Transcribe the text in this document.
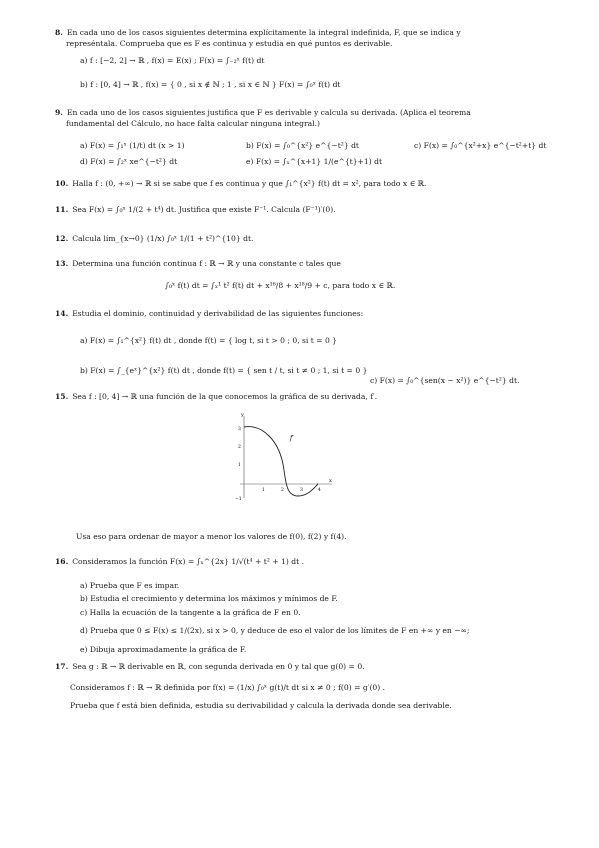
8. En cada uno de los casos siguientes determina explícitamente la integral indefinida, F, que se indica y
represéntala. Comprueba que es F es continua y estudia en qué puntos es derivable.
a) f : [−2, 2] → ℝ , f(x) = E(x) ; F(x) = ∫₋₂ˣ f(t) dt
b) f : [0, 4] → ℝ , f(x) = { 0 , si x ∉ ℕ ; 1 , si x ∈ ℕ } F(x) = ∫₀ˣ f(t) dt
9. En cada uno de los casos siguientes justifica que F es derivable y calcula su derivada. (Aplica el teorema
fundamental del Cálculo, no hace falta calcular ninguna integral.)
a) F(x) = ∫₁ˣ (1/t) dt (x > 1)	b) F(x) = ∫₀^{x²} e^{−t²} dt	c) F(x) = ∫₀^{x²+x} e^{−t²+t} dt
d) F(x) = ∫₂ˣ xe^{−t²} dt	e) F(x) = ∫ₓ^{x+1} 1/(e^{t}+1) dt
10. Halla f : (0, +∞) → ℝ si se sabe que f es continua y que ∫₁^{x²} f(t) dt = x², para todo x ∈ ℝ.
11. Sea F(x) = ∫₀ˣ 1/(2 + t⁴) dt. Justifica que existe F⁻¹. Calcula (F⁻¹)′(0).
12. Calcula lím_{x→0} (1/x) ∫₀ˣ 1/(1 + t²)^{10} dt.
13. Determina una función continua f : ℝ → ℝ y una constante c tales que
∫₀ˣ f(t) dt = ∫ₓ¹ t² f(t) dt + x¹⁶/8 + x¹⁸/9 + c, para todo x ∈ ℝ.
14. Estudia el dominio, continuidad y derivabilidad de las siguientes funciones:
a) F(x) = ∫₁^{x²} f(t) dt , donde f(t) = { log t, si t > 0 ; 0, si t = 0 }
b) F(x) = ∫_{eˣ}^{x²} f(t) dt , donde f(t) = { sen t / t, si t ≠ 0 ; 1, si t = 0 }
c) F(x) = ∫₀^{sen(x − x²)} e^{−t²} dt.
15. Sea f : [0, 4] → ℝ una función de la que conocemos la gráfica de su derivada, f′.
y
x
3
2
1
−1
1	2	3	4
f′
Usa eso para ordenar de mayor a menor los valores de f(0), f(2) y f(4).
16. Consideramos la función F(x) = ∫ₓ^{2x} 1/√(t⁴ + t² + 1) dt .
a) Prueba que F es impar.
b) Estudia el crecimiento y determina los máximos y mínimos de F.
c) Halla la ecuación de la tangente a la gráfica de F en 0.
d) Prueba que 0 ≤ F(x) ≤ 1/(2x), si x > 0, y deduce de eso el valor de los límites de F en +∞ y en −∞;
e) Dibuja aproximadamente la gráfica de F.
17. Sea g : ℝ → ℝ derivable en ℝ, con segunda derivada en 0 y tal que g(0) = 0.
Consideramos f : ℝ → ℝ definida por f(x) = (1/x) ∫₀ˣ g(t)/t dt si x ≠ 0 ; f(0) = g′(0) .
Prueba que f está bien definida, estudia su derivabilidad y calcula la derivada donde sea derivable.
